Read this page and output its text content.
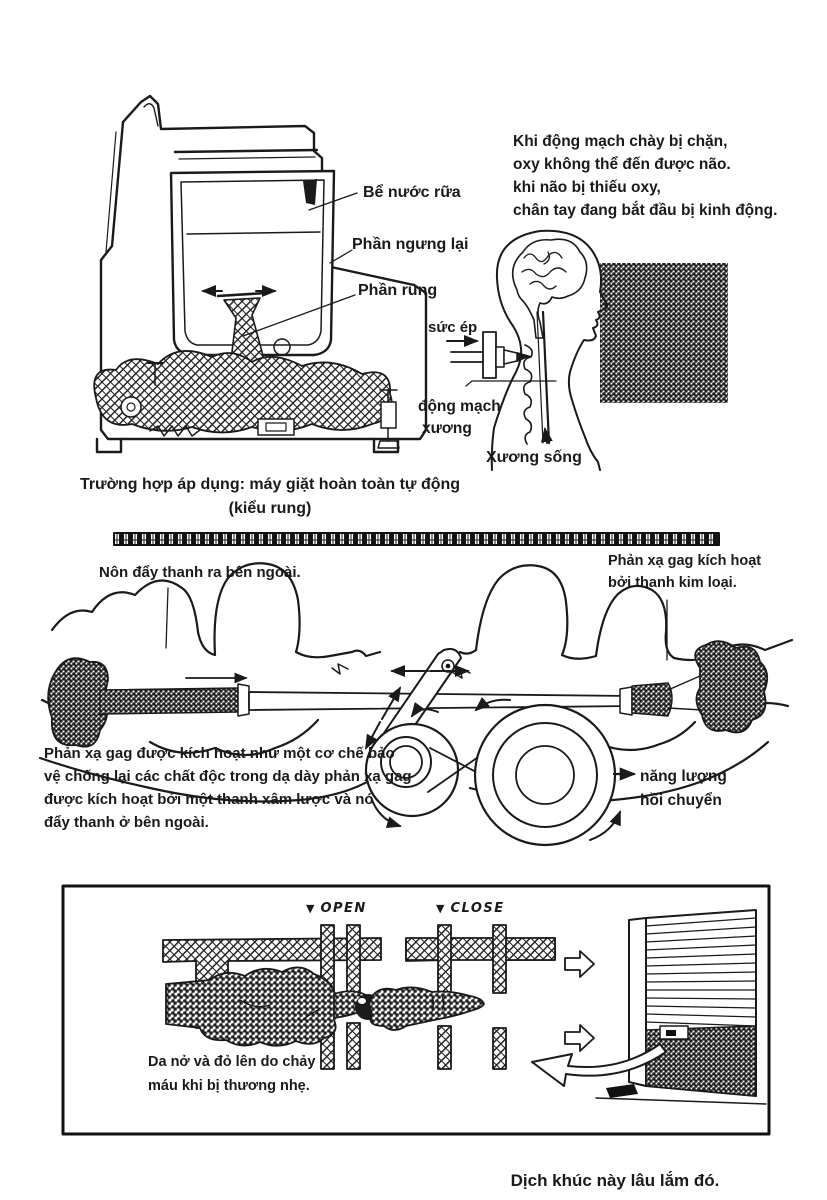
Bể nước rữa
Phần ngưng lại
Phần rung
Khi động mạch chày bị chặn,
oxy không thể đến được não.
khi não bị thiếu oxy,
chân tay đang bắt đầu bị kinh động.
sức ép
động mạch
xương
Xương sống
Trường hợp áp dụng: máy giặt hoàn toàn tự động
(kiểu rung)
Nôn đẩy thanh ra bên ngoài.
Phản xạ gag kích hoạt
bởi thanh kim loại.
Phản xạ gag được kích hoạt như một cơ chế bảo
vệ chống lại các chất độc trong dạ dày phản xạ gag
được kích hoạt bởi một thanh xâm lược và nó
đẩy thanh ở bên ngoài.
năng lượng
hồi chuyển
▼ OPEN	▼ CLOSE
Da nở và đỏ lên do chảy
máu khi bị thương nhẹ.
Dịch khúc này lâu lắm đó.
